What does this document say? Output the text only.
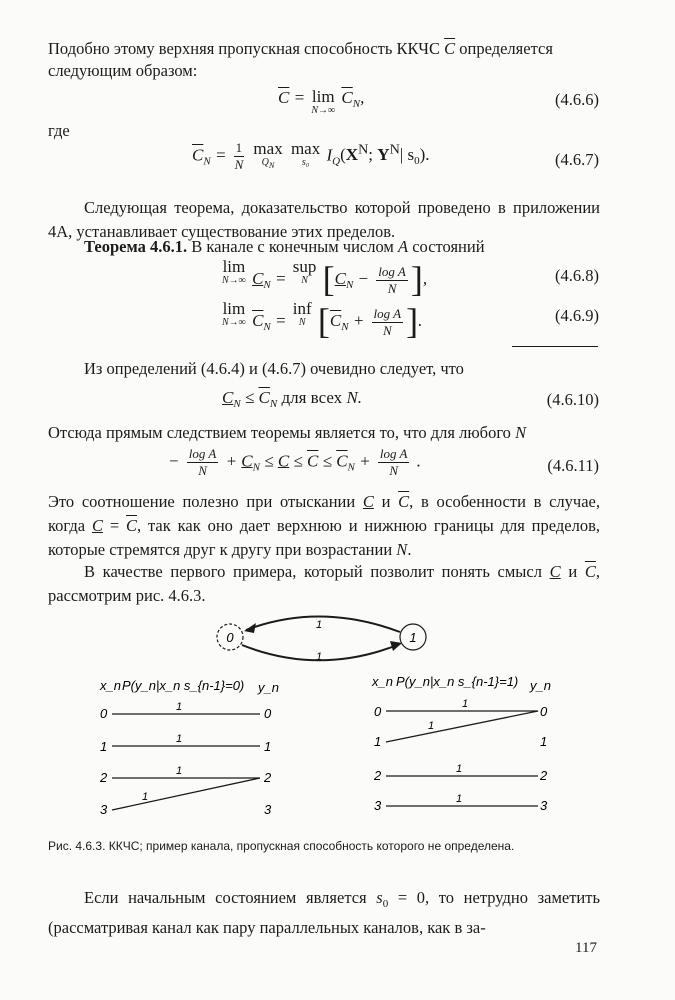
Подобно этому верхняя пропускная способность ККЧС $\overline{C}$ определяется
следующим образом:
$\overline{C} = \lim$
N→∞
$\overline{C}_N$,	(4.6.6)
где
$\overline{C}_N = \frac{1}{N}$
max
$Q_N$

max
s₀ $I_Q(X^N$; $Y^N|$ $s_0$).	(4.6.7)

Следующая теорема, доказательство которой проведено в приложении 4А, устанавливает существование этих пределов.

Теорема 4.6.1. В канале с конечным числом A состояний
lim
N→∞ $C_N$ =
sup
N [$C_N - \frac{\text{log A}}{N}$ ],	(4.6.8)
lim
N→∞ $\overline{C}_N$ =
inf
N [$\overline{C}_N + \frac{\text{log A}}{N}$ ].	(4.6.9)
Из определений (4.6.4) и (4.6.7) очевидно следует, что
$C_N \le \overline{C}_N$ для всех N.	(4.6.10)
Отсюда прямым следствием теоремы является то, что для любого N
− $\frac{\text{log A}}{N} + C_N \le C \le \overline{C} \le \overline{C}_N + \frac{\text{log A}}{N}$ .	(4.6.11)
Это соотношение полезно при отыскании C и $\overline{C}$, в особенности в случае, когда $C = \overline{C}$, так как оно дает верхнюю и нижнюю границы для пределов, которые стремятся друг к другу при возрастании N.
В качестве первого примера, который позволит понять смысл C и $\overline{C}$, рассмотрим рис. 4.6.3.
0	1
1
1
x_n P(y_n|x_n s_{n-1}=0) y_n
0
1
2
3
0
1
2
3
1
1
1
1
x_n P(y_n|x_n s_{n-1}=1) y_n
0
1
2
3
0
1
2
3
1
1
1
1
Рис. 4.6.3. ККЧС; пример канала, пропускная способность которого не определена.
Если начальным состоянием является $s_0 = 0$, то нетрудно заметить (рассматривая канал как пару параллельных каналов, как в за-
117
